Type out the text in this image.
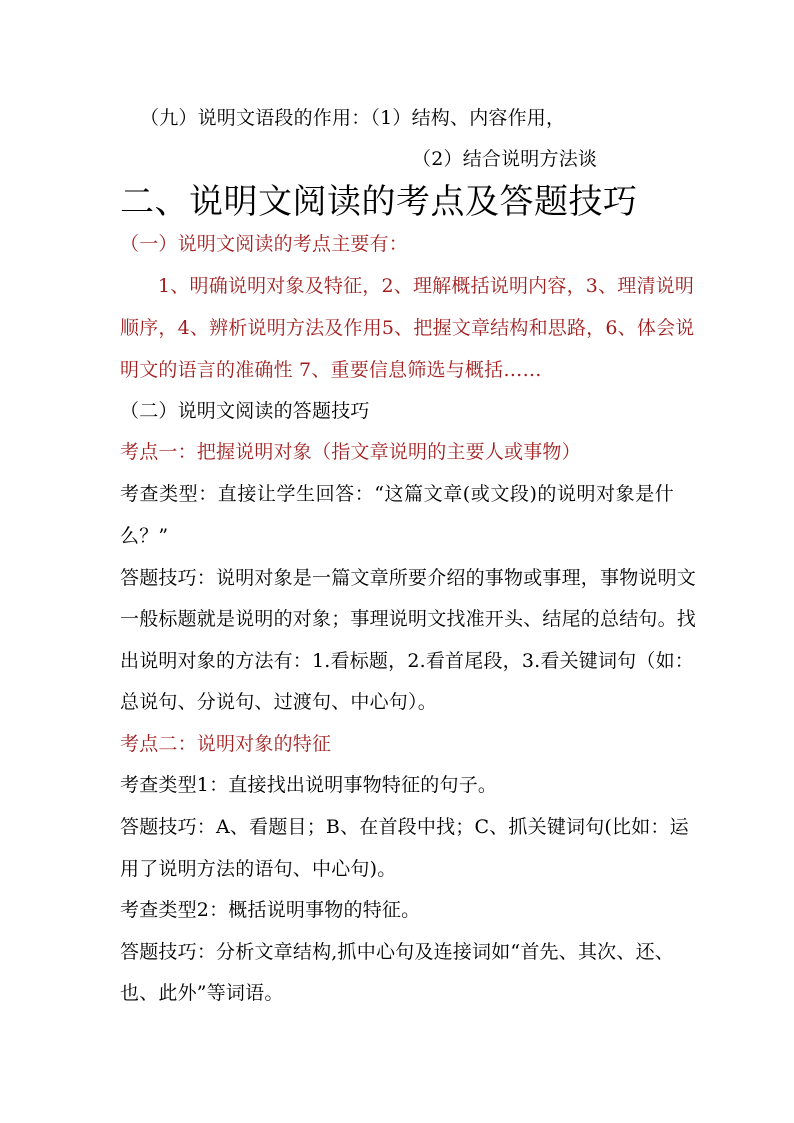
（九）说明文语段的作用：（1）结构、内容作用，
（2）结合说明方法谈
二、说明文阅读的考点及答题技巧
（一）说明文阅读的考点主要有：
1、明确说明对象及特征，2、理解概括说明内容，3、理清说明
顺序，4、辨析说明方法及作用5、把握文章结构和思路，6、体会说
明文的语言的准确性 7、重要信息筛选与概括……
（二）说明文阅读的答题技巧
考点一：把握说明对象（指文章说明的主要人或事物）
考查类型：直接让学生回答：“这篇文章(或文段)的说明对象是什
么？”
答题技巧：说明对象是一篇文章所要介绍的事物或事理，事物说明文
一般标题就是说明的对象；事理说明文找准开头、结尾的总结句。找
出说明对象的方法有：1.看标题，2.看首尾段，3.看关键词句（如：
总说句、分说句、过渡句、中心句）。
考点二：说明对象的特征
考查类型1：直接找出说明事物特征的句子。
答题技巧：A、看题目；B、在首段中找；C、抓关键词句(比如：运
用了说明方法的语句、中心句)。
考查类型2：概括说明事物的特征。
答题技巧：分析文章结构,抓中心句及连接词如“首先、其次、还、
也、此外”等词语。
